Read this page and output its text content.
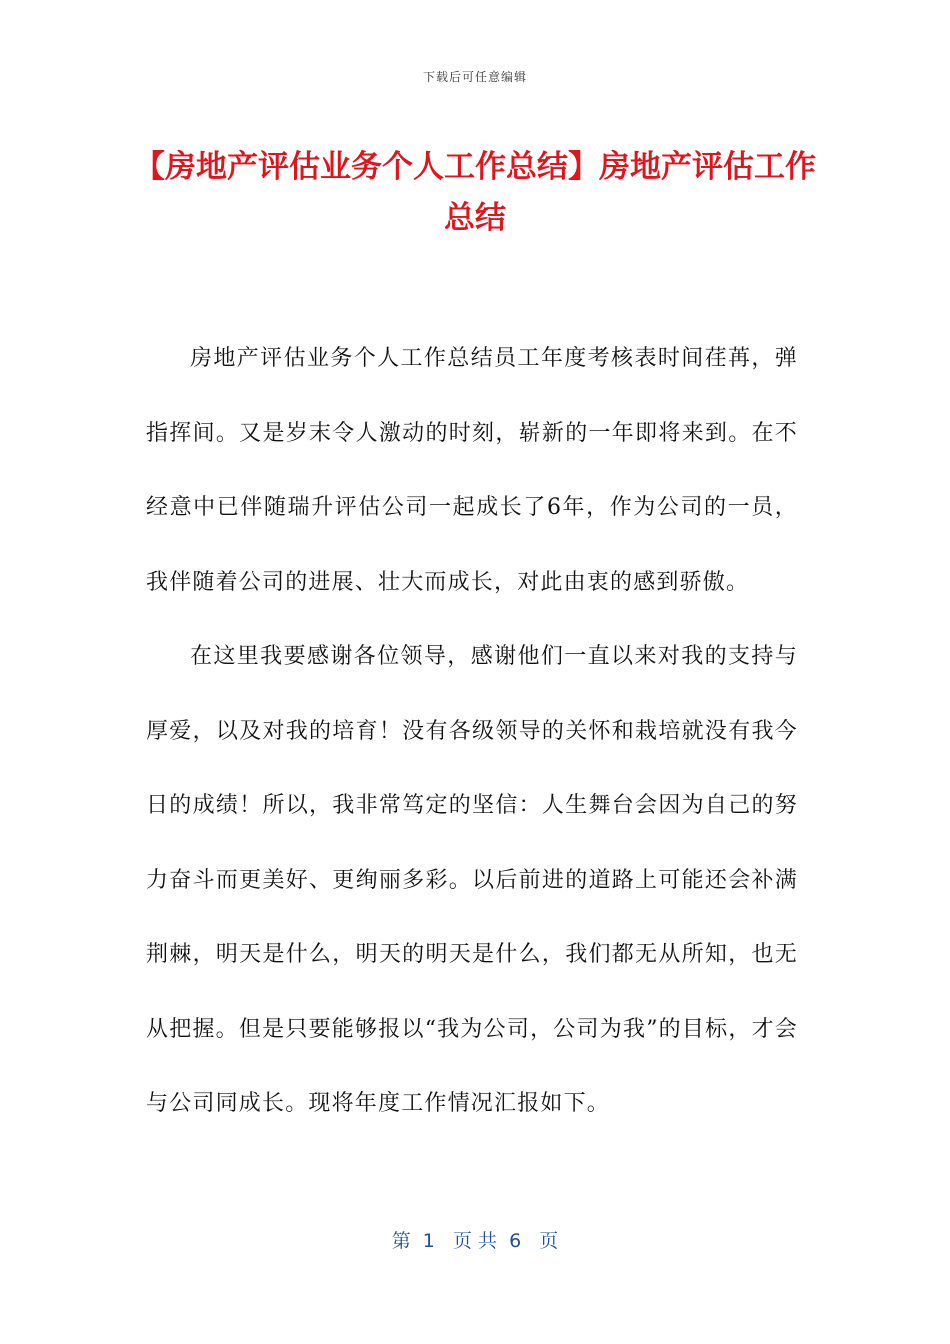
下载后可任意编辑
【房地产评估业务个人工作总结】房地产评估工作总结

房地产评估业务个人工作总结员工年度考核表时间荏苒，弹指挥间。又是岁末令人激动的时刻，崭新的一年即将来到。在不经意中已伴随瑞升评估公司一起成长了6年，作为公司的一员，我伴随着公司的进展、壮大而成长，对此由衷的感到骄傲。

在这里我要感谢各位领导，感谢他们一直以来对我的支持与厚爱，以及对我的培育！没有各级领导的关怀和栽培就没有我今日的成绩！所以，我非常笃定的坚信：人生舞台会因为自己的努力奋斗而更美好、更绚丽多彩。以后前进的道路上可能还会补满荆棘，明天是什么，明天的明天是什么，我们都无从所知，也无从把握。但是只要能够报以“我为公司，公司为我”的目标，才会与公司同成长。现将年度工作情况汇报如下。

第  1   页 共  6   页
